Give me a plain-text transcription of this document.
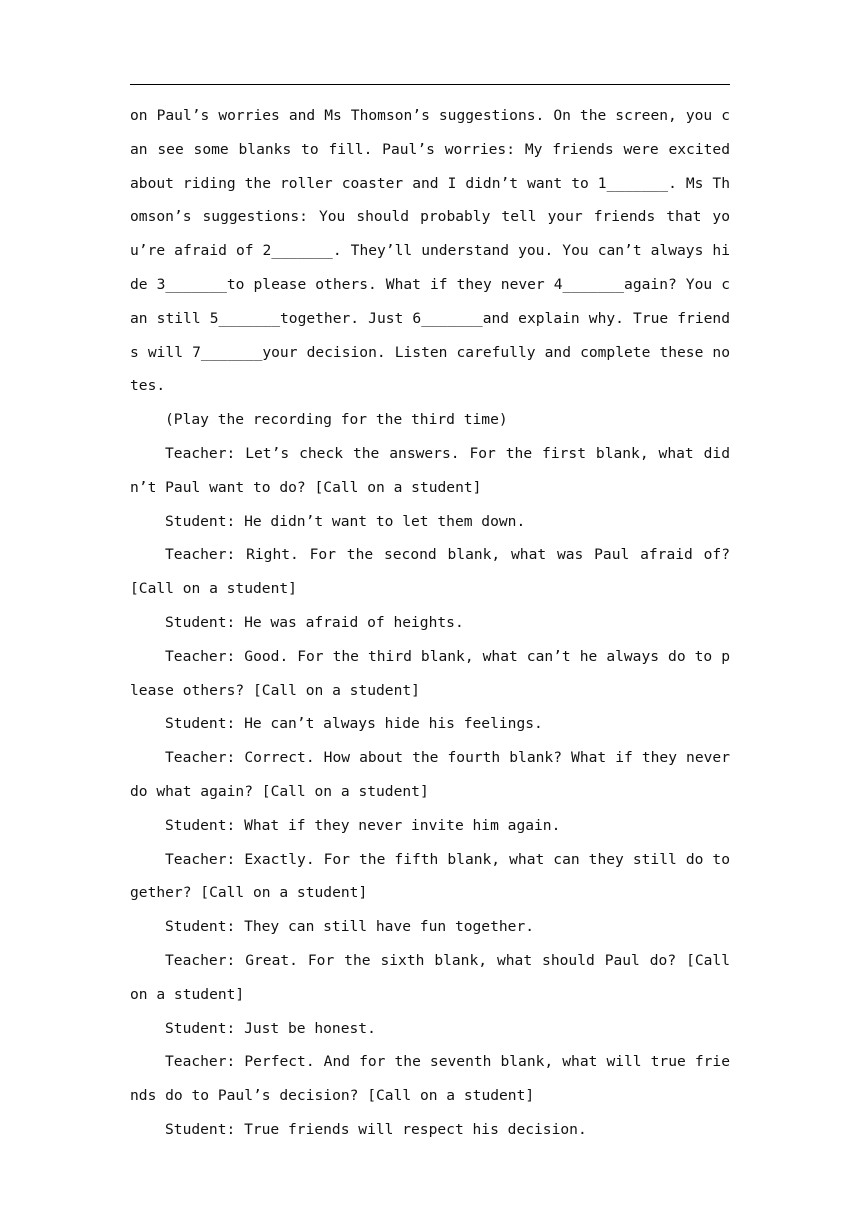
on Paul’s worries and Ms Thomson’s suggestions. On the screen, you can see some blanks to fill. Paul’s worries: My friends were excited about riding the roller coaster and I didn’t want to 1_______. Ms Thomson’s suggestions: You should probably tell your friends that you’re afraid of 2_______. They’ll understand you. You can’t always hide 3_______to please others. What if they never 4_______again? You can still 5_______together. Just 6_______and explain why. True friends will 7_______your decision. Listen carefully and complete these notes.

(Play the recording for the third time)

Teacher: Let’s check the answers. For the first blank, what didn’t Paul want to do? [Call on a student]

Student: He didn’t want to let them down.

Teacher: Right. For the second blank, what was Paul afraid of? [Call on a student]

Student: He was afraid of heights.

Teacher: Good. For the third blank, what can’t he always do to please others? [Call on a student]

Student: He can’t always hide his feelings.

Teacher: Correct. How about the fourth blank? What if they never do what again? [Call on a student]

Student: What if they never invite him again.

Teacher: Exactly. For the fifth blank, what can they still do together? [Call on a student]

Student: They can still have fun together.

Teacher: Great. For the sixth blank, what should Paul do? [Call on a student]

Student: Just be honest.

Teacher: Perfect. And for the seventh blank, what will true friends do to Paul’s decision? [Call on a student]

Student: True friends will respect his decision.
